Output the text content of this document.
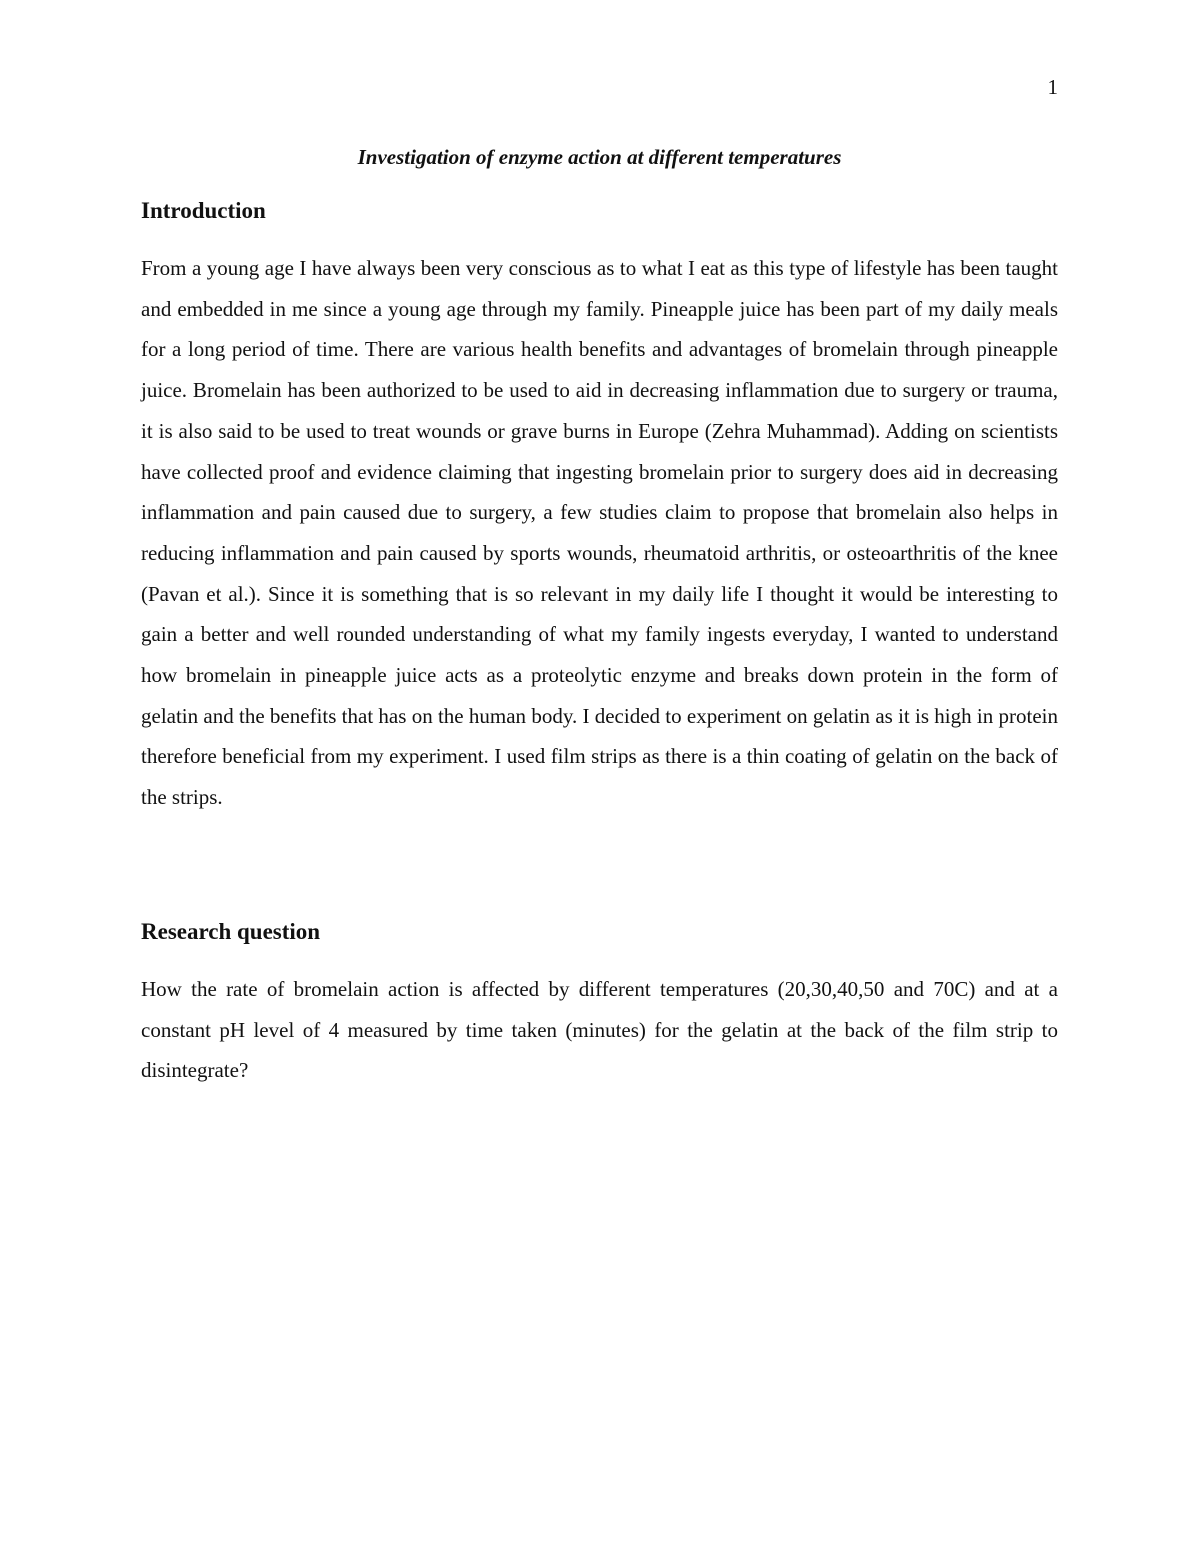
1
Investigation of enzyme action at different temperatures
Introduction

From a young age I have always been very conscious as to what I eat as this type of lifestyle has been taught and embedded in me since a young age through my family. Pineapple juice has been part of my daily meals for a long period of time. There are various health benefits and advantages of bromelain through pineapple juice. Bromelain has been authorized to be used to aid in decreasing inflammation due to surgery or trauma, it is also said to be used to treat wounds or grave burns in Europe (Zehra Muhammad). Adding on scientists have collected proof and evidence claiming that ingesting bromelain prior to surgery does aid in decreasing inflammation and pain caused due to surgery, a few studies claim to propose that bromelain also helps in reducing inflammation and pain caused by sports wounds, rheumatoid arthritis, or osteoarthritis of the knee (Pavan et al.). Since it is something that is so relevant in my daily life I thought it would be interesting to gain a better and well rounded understanding of what my family ingests everyday, I wanted to understand how bromelain in pineapple juice acts as a proteolytic enzyme and breaks down protein in the form of gelatin and the benefits that has on the human body. I decided to experiment on gelatin as it is high in protein therefore beneficial from my experiment. I used film strips as there is a thin coating of gelatin on the back of the strips.

Research question

How the rate of bromelain action is affected by different temperatures (20,30,40,50 and 70C) and at a constant pH level of 4 measured by time taken (minutes) for the gelatin at the back of the film strip to disintegrate?
